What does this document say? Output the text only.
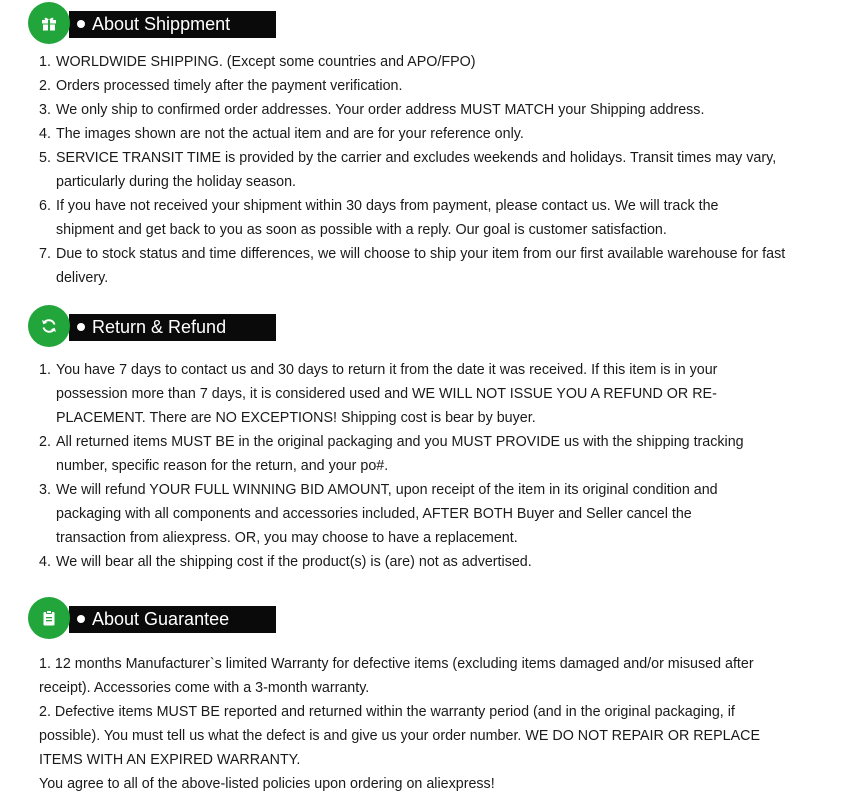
About Shippment
1. WORLDWIDE SHIPPING. (Except some countries and APO/FPO)
2. Orders processed timely after the payment verification.
3. We only ship to confirmed order addresses. Your order address MUST MATCH your Shipping address.
4. The images shown are not the actual item and are for your reference only.
5. SERVICE TRANSIT TIME is provided by the carrier and excludes weekends and holidays. Transit times may vary, particularly during the holiday season.
6. If you have not received your shipment within 30 days from payment, please contact us. We will track the shipment and get back to you as soon as possible with a reply. Our goal is customer satisfaction.
7. Due to stock status and time differences, we will choose to ship your item from our first available warehouse for fast delivery.
Return & Refund
1. You have 7 days to contact us and 30 days to return it from the date it was received. If this item is in your possession more than 7 days, it is considered used and WE WILL NOT ISSUE YOU A REFUND OR RE-PLACEMENT. There are NO EXCEPTIONS! Shipping cost is bear by buyer.
2. All returned items MUST BE in the original packaging and you MUST PROVIDE us with the shipping tracking number, specific reason for the return, and your po#.
3. We will refund YOUR FULL WINNING BID AMOUNT, upon receipt of the item in its original condition and packaging with all components and accessories included, AFTER BOTH Buyer and Seller cancel the transaction from aliexpress. OR, you may choose to have a replacement.
4. We will bear all the shipping cost if the product(s) is (are) not as advertised.
About Guarantee

1. 12 months Manufacturer`s limited Warranty for defective items (excluding items damaged and/or misused after receipt). Accessories come with a 3-month warranty.

2. Defective items MUST BE reported and returned within the warranty period (and in the original packaging, if possible). You must tell us what the defect is and give us your order number. WE DO NOT REPAIR OR REPLACE ITEMS WITH AN EXPIRED WARRANTY.

You agree to all of the above-listed policies upon ordering on aliexpress!
